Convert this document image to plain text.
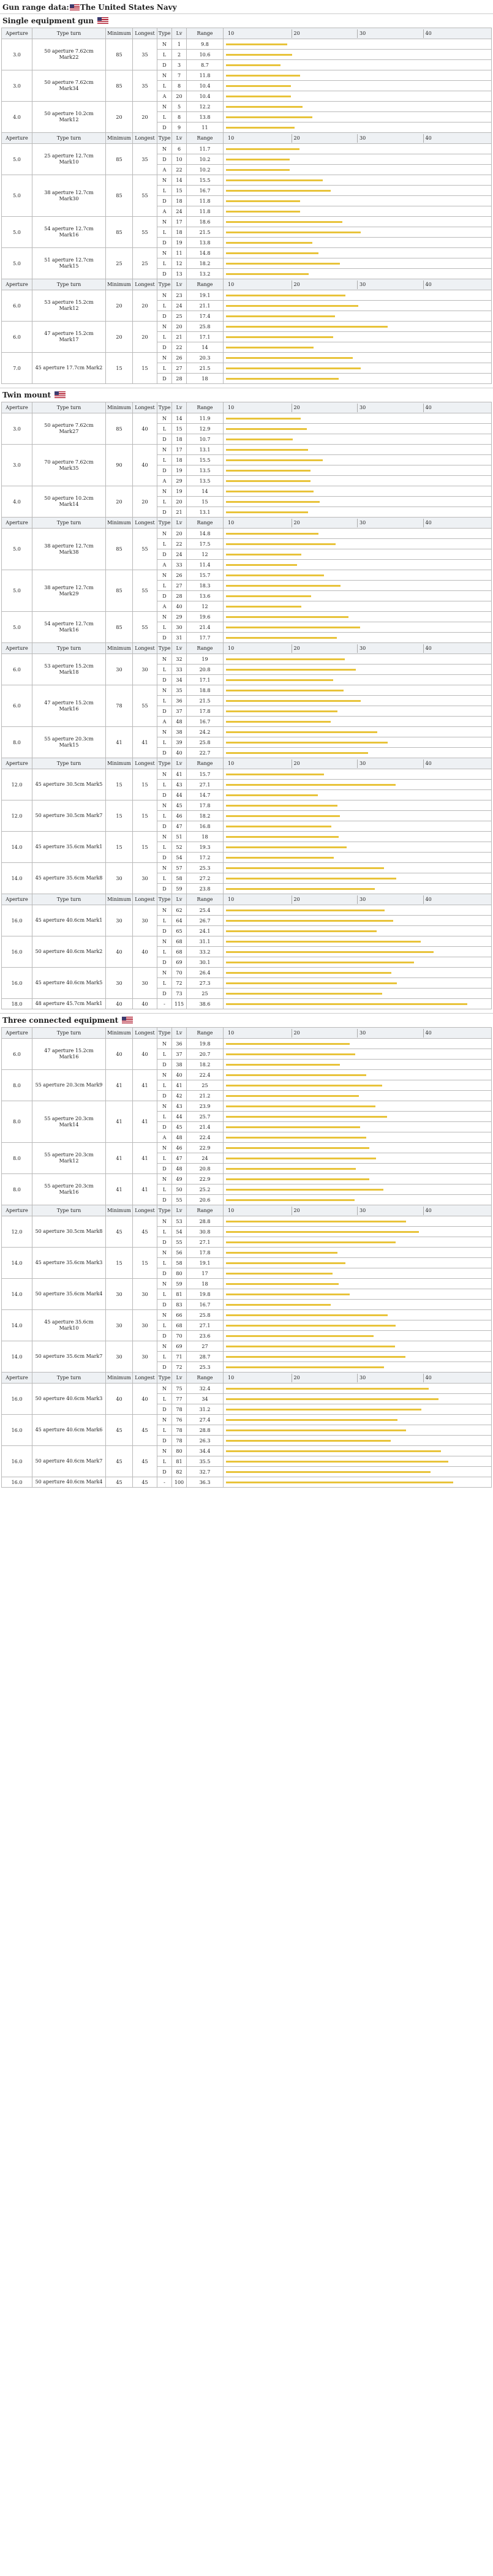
Gun range data: The United States Navy
Single equipment gun
Aperture	Type turn	Minimum	Longest	Type	Lv	Range	10 20 30 40

3.0	50 aperture 7.62cm Mark22	85	35	N	1	9.8	

				L	2	10.6	

				D	3	8.7	

3.0	50 aperture 7.62cm Mark34	85	35	N	7	11.8	

				L	8	10.4	

				A	20	10.4	

4.0	50 aperture 10.2cm Mark12	20	20	N	5	12.2	

				L	8	13.8	

				D	9	11	

Aperture	Type turn	Minimum	Longest	Type	Lv	Range	10 20 30 40

5.0	25 aperture 12.7cm Mark10	85	35	N	6	11.7	

				D	10	10.2	

				A	22	10.2	

5.0	38 aperture 12.7cm Mark30	85	55	N	14	15.5	

				L	15	16.7	

				D	18	11.8	

				A	24	11.8	

5.0	54 aperture 12.7cm Mark16	85	55	N	17	18.6	

				L	18	21.5	

				D	19	13.8	

5.0	51 aperture 12.7cm Mark15	25	25	N	11	14.8	

				L	12	18.2	

				D	13	13.2	

Aperture	Type turn	Minimum	Longest	Type	Lv	Range	10 20 30 40

6.0	53 aperture 15.2cm Mark12	20	20	N	23	19.1	

				L	24	21.1	

				D	25	17.4	

6.0	47 aperture 15.2cm Mark17	20	20	N	20	25.8	

				L	21	17.1	

				D	22	14	

7.0	45 aperture 17.7cm Mark2	15	15	N	26	20.3	

				L	27	21.5	

				D	28	18	
Twin mount
Aperture	Type turn	Minimum	Longest	Type	Lv	Range	10 20 30 40

3.0	50 aperture 7.62cm Mark27	85	40	N	14	11.9	

				L	15	12.9	

				D	18	10.7	

3.0	70 aperture 7.62cm Mark35	90	40	N	17	13.1	

				L	18	15.5	

				D	19	13.5	

				A	29	13.5	

4.0	50 aperture 10.2cm Mark14	20	20	N	19	14	

				L	20	15	

				D	21	13.1	

Aperture	Type turn	Minimum	Longest	Type	Lv	Range	10 20 30 40

5.0	38 aperture 12.7cm Mark38	85	55	N	20	14.8	

				L	22	17.5	

				D	24	12	

				A	33	11.4	

5.0	38 aperture 12.7cm Mark29	85	55	N	26	15.7	

				L	27	18.3	

				D	28	13.6	

				A	40	12	

5.0	54 aperture 12.7cm Mark16	85	55	N	29	19.6	

				L	30	21.4	

				D	31	17.7	

Aperture	Type turn	Minimum	Longest	Type	Lv	Range	10 20 30 40

6.0	53 aperture 15.2cm Mark18	30	30	N	32	19	

				L	33	20.8	

				D	34	17.1	

6.0	47 aperture 15.2cm Mark16	78	55	N	35	18.8	

				L	36	21.5	

				D	37	17.8	

				A	48	16.7	

8.0	55 aperture 20.3cm Mark15	41	41	N	38	24.2	

				L	39	25.8	

				D	40	22.7	

Aperture	Type turn	Minimum	Longest	Type	Lv	Range	10 20 30 40

12.0	45 aperture 30.5cm Mark5	15	15	N	41	15.7	

				L	43	27.1	

				D	44	14.7	

12.0	50 aperture 30.5cm Mark7	15	15	N	45	17.8	

				L	46	18.2	

				D	47	16.8	

14.0	45 aperture 35.6cm Mark1	15	15	N	51	18	

				L	52	19.3	

				D	54	17.2	

14.0	45 aperture 35.6cm Mark8	30	30	N	57	25.3	

				L	58	27.2	

				D	59	23.8	

Aperture	Type turn	Minimum	Longest	Type	Lv	Range	10 20 30 40

16.0	45 aperture 40.6cm Mark1	30	30	N	62	25.4	

				L	64	26.7	

				D	65	24.1	

16.0	50 aperture 40.6cm Mark2	40	40	N	68	31.1	

				L	68	33.2	

				D	69	30.1	

16.0	45 aperture 40.6cm Mark5	30	30	N	70	26.4	

				L	72	27.3	

				D	73	25	

18.0	48 aperture 45.7cm Mark1	40	40	-	115	38.6	
Three connected equipment
Aperture	Type turn	Minimum	Longest	Type	Lv	Range	10 20 30 40

6.0	47 aperture 15.2cm Mark16	40	40	N	36	19.8	

				L	37	20.7	

				D	38	18.2	

8.0	55 aperture 20.3cm Mark9	41	41	N	40	22.4	

				L	41	25	

				D	42	21.2	

8.0	55 aperture 20.3cm Mark14	41	41	N	43	23.9	

				L	44	25.7	

				D	45	21.4	

				A	48	22.4	

8.0	55 aperture 20.3cm Mark12	41	41	N	46	22.9	

				L	47	24	

				D	48	20.8	

8.0	55 aperture 20.3cm Mark16	41	41	N	49	22.9	

				L	50	25.2	

				D	55	20.6	

Aperture	Type turn	Minimum	Longest	Type	Lv	Range	10 20 30 40

12.0	50 aperture 30.5cm Mark8	45	45	N	53	28.8	

				L	54	30.8	

				D	55	27.1	

14.0	45 aperture 35.6cm Mark3	15	15	N	56	17.8	

				L	58	19.1	

				D	80	17	

14.0	50 aperture 35.6cm Mark4	30	30	N	59	18	

				L	81	19.8	

				D	83	16.7	

14.0	45 aperture 35.6cm Mark10	30	30	N	66	25.8	

				L	68	27.1	

				D	70	23.6	

14.0	50 aperture 35.6cm Mark7	30	30	N	69	27	

				L	71	28.7	

				D	72	25.3	

Aperture	Type turn	Minimum	Longest	Type	Lv	Range	10 20 30 40

16.0	50 aperture 40.6cm Mark3	40	40	N	75	32.4	

				L	77	34	

				D	78	31.2	

16.0	45 aperture 40.6cm Mark6	45	45	N	76	27.4	

				L	78	28.8	

				D	78	26.3	

16.0	50 aperture 40.6cm Mark7	45	45	N	80	34.4	

				L	81	35.5	

				D	82	32.7	

16.0	50 aperture 40.6cm Mark4	45	45	-	100	36.3	
